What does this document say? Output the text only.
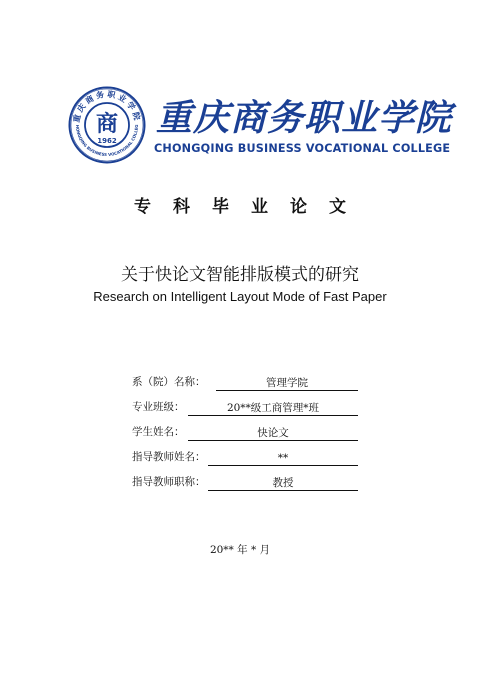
重庆商务职业学院
HONGQING BUSINESS VOCATIONAL COLLEG
商
1962
重庆商务职业学院
CHONGQING BUSINESS VOCATIONAL COLLEGE
专科毕业论文
关于快论文智能排版模式的研究
Research on Intelligent Layout Mode of Fast Paper
系（院）名称：	管理学院
专业班级：	20**级工商管理*班
学生姓名：	快论文
指导教师姓名：	**
指导教师职称：	教授
20** 年 * 月
